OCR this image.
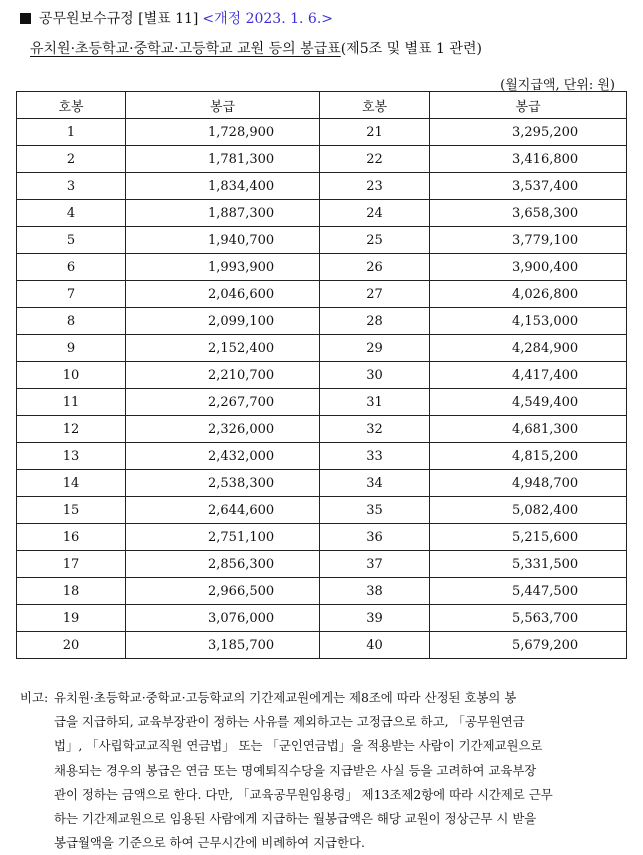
공무원보수규정 [별표 11] <개정 2023. 1. 6.>
유치원·초등학교·중학교·고등학교 교원 등의 봉급표(제5조 및 별표 1 관련)
(월지급액, 단위: 원)
호봉	봉급	호봉	봉급
1	1,728,900	21	3,295,200
2	1,781,300	22	3,416,800
3	1,834,400	23	3,537,400
4	1,887,300	24	3,658,300
5	1,940,700	25	3,779,100
6	1,993,900	26	3,900,400
7	2,046,600	27	4,026,800
8	2,099,100	28	4,153,000
9	2,152,400	29	4,284,900
10	2,210,700	30	4,417,400
11	2,267,700	31	4,549,400
12	2,326,000	32	4,681,300
13	2,432,000	33	4,815,200
14	2,538,300	34	4,948,700
15	2,644,600	35	5,082,400
16	2,751,100	36	5,215,600
17	2,856,300	37	5,331,500
18	2,966,500	38	5,447,500
19	3,076,000	39	5,563,700
20	3,185,700	40	5,679,200
비고: 유치원·초등학교·중학교·고등학교의 기간제교원에게는 제8조에 따라 산정된 호봉의 봉
급을 지급하되, 교육부장관이 정하는 사유를 제외하고는 고정급으로 하고, 「공무원연금
법」, 「사립학교교직원 연금법」 또는 「군인연금법」을 적용받는 사람이 기간제교원으로
채용되는 경우의 봉급은 연금 또는 명예퇴직수당을 지급받은 사실 등을 고려하여 교육부장
관이 정하는 금액으로 한다. 다만, 「교육공무원임용령」 제13조제2항에 따라 시간제로 근무
하는 기간제교원으로 임용된 사람에게 지급하는 월봉급액은 해당 교원이 정상근무 시 받을
봉급월액을 기준으로 하여 근무시간에 비례하여 지급한다.
